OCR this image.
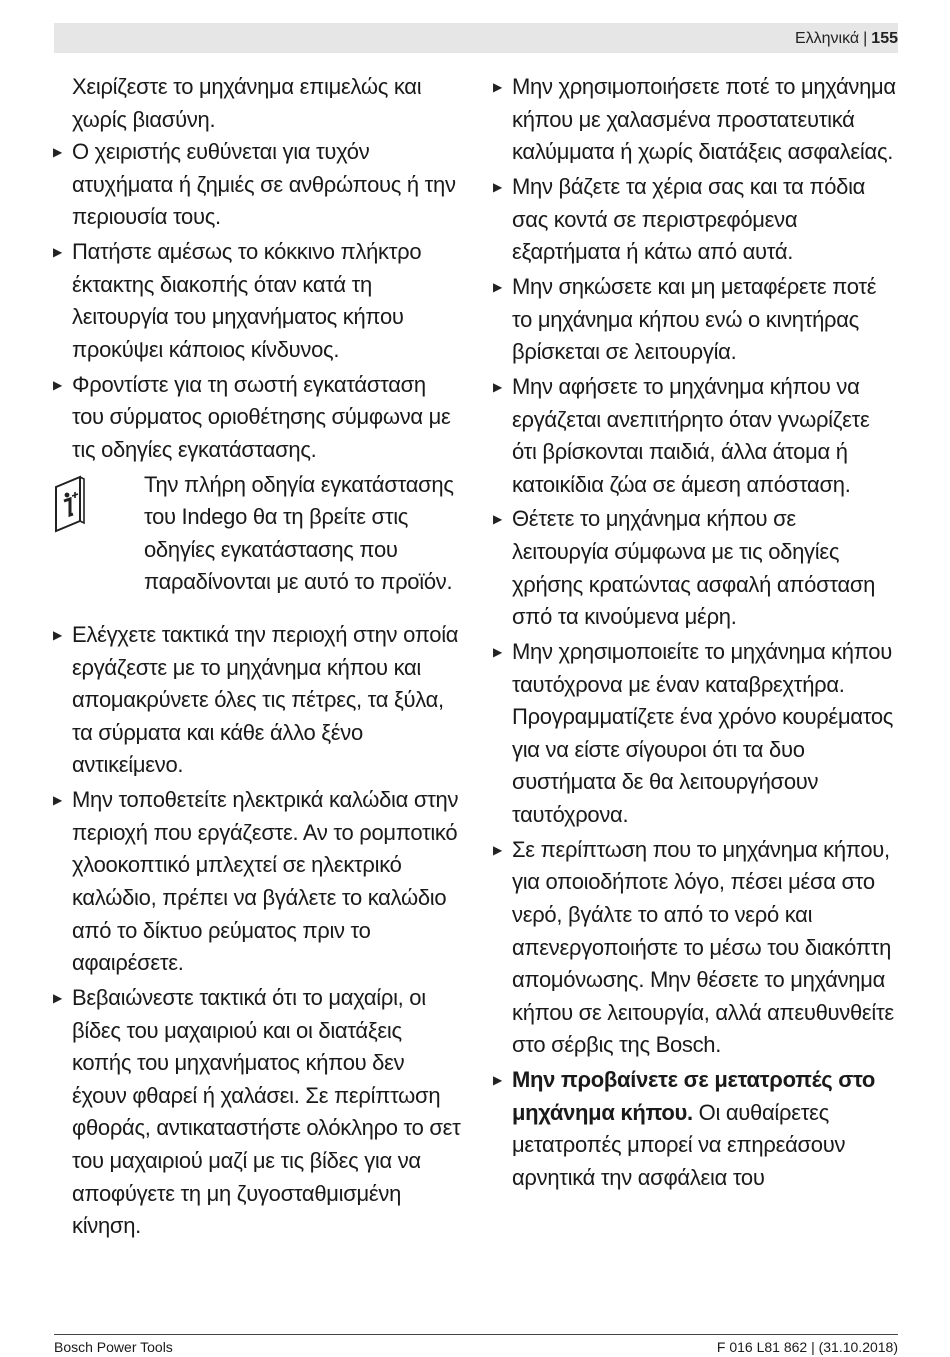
Ελληνικά | 155

Χειρίζεστε το μηχάνημα επιμελώς και χωρίς βιασύνη.

▶ Ο χειριστής ευθύνεται για τυχόν ατυχήματα ή ζημιές σε ανθρώπους ή την περιουσία τους.
▶ Πατήστε αμέσως το κόκκινο πλήκτρο έκτακτης διακοπής όταν κατά τη λειτουργία του μηχανήματος κήπου προκύψει κάποιος κίνδυνος.
▶ Φροντίστε για τη σωστή εγκατάσταση του σύρματος οριοθέτησης σύμφωνα με τις οδηγίες εγκατάστασης.
Την πλήρη οδηγία εγκατάστασης του Indego θα τη βρείτε στις οδηγίες εγκατάστασης που παραδίνονται με αυτό το προϊόν.
▶ Ελέγχετε τακτικά την περιοχή στην οποία εργάζεστε με το μηχάνημα κήπου και απομακρύνετε όλες τις πέτρες, τα ξύλα, τα σύρματα και κάθε άλλο ξένο αντικείμενο.
▶ Μην τοποθετείτε ηλεκτρικά καλώδια στην περιοχή που εργάζεστε. Αν το ρομποτικό χλοοκοπτικό μπλεχτεί σε ηλεκτρικό καλώδιο, πρέπει να βγάλετε το καλώδιο από το δίκτυο ρεύματος πριν το αφαιρέσετε.
▶ Βεβαιώνεστε τακτικά ότι το μαχαίρι, οι βίδες του μαχαιριού και οι διατάξεις κοπής του μηχανήματος κήπου δεν έχουν φθαρεί ή χαλάσει. Σε περίπτωση φθοράς, αντικαταστήστε ολόκληρο το σετ του μαχαιριού μαζί με τις βίδες για να αποφύγετε τη μη ζυγοσταθμισμένη κίνηση.
▶ Μην χρησιμοποιήσετε ποτέ το μηχάνημα κήπου με χαλασμένα προστατευτικά καλύμματα ή χωρίς διατάξεις ασφαλείας.
▶ Μην βάζετε τα χέρια σας και τα πόδια σας κοντά σε περιστρεφόμενα εξαρτήματα ή κάτω από αυτά.
▶ Μην σηκώσετε και μη μεταφέρετε ποτέ το μηχάνημα κήπου ενώ ο κινητήρας βρίσκεται σε λειτουργία.
▶ Μην αφήσετε το μηχάνημα κήπου να εργάζεται ανεπιτήρητο όταν γνωρίζετε ότι βρίσκονται παιδιά, άλλα άτομα ή κατοικίδια ζώα σε άμεση απόσταση.
▶ Θέτετε το μηχάνημα κήπου σε λειτουργία σύμφωνα με τις οδηγίες χρήσης κρατώντας ασφαλή απόσταση σπό τα κινούμενα μέρη.
▶ Μην χρησιμοποιείτε το μηχάνημα κήπου ταυτόχρονα με έναν καταβρεχτήρα. Προγραμματίζετε ένα χρόνο κουρέματος για να είστε σίγουροι ότι τα δυο συστήματα δε θα λειτουργήσουν ταυτόχρονα.
▶ Σε περίπτωση που το μηχάνημα κήπου, για οποιοδήποτε λόγο, πέσει μέσα στο νερό, βγάλτε το από το νερό και απενεργοποιήστε το μέσω του διακόπτη απομόνωσης. Μην θέσετε το μηχάνημα κήπου σε λειτουργία, αλλά απευθυνθείτε στο σέρβις της Bosch.
▶ Μην προβαίνετε σε μετατροπές στο μηχάνημα κήπου. Οι αυθαίρετες μετατροπές μπορεί να επηρεάσουν αρνητικά την ασφάλεια του
Bosch Power Tools	F 016 L81 862 | (31.10.2018)
